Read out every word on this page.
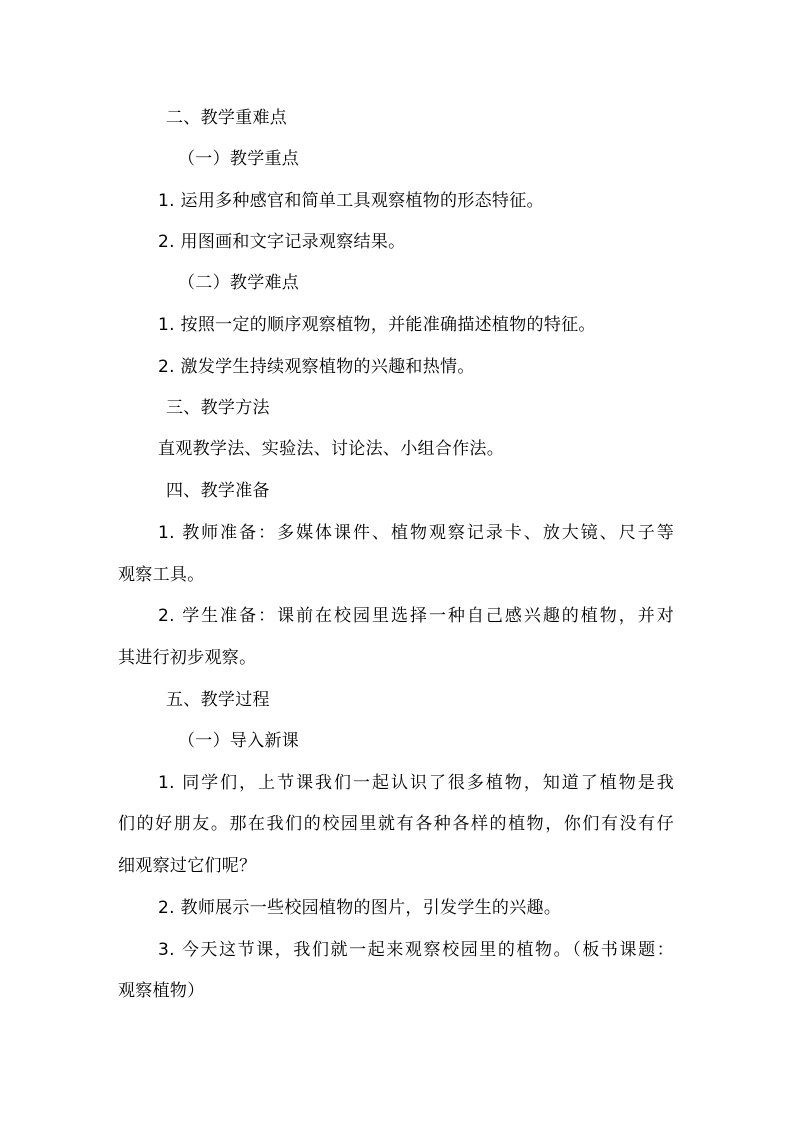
二、教学重难点
（一）教学重点
1. 运用多种感官和简单工具观察植物的形态特征。
2. 用图画和文字记录观察结果。
（二）教学难点
1. 按照一定的顺序观察植物，并能准确描述植物的特征。
2. 激发学生持续观察植物的兴趣和热情。
三、教学方法
直观教学法、实验法、讨论法、小组合作法。
四、教学准备
1. 教师准备：多媒体课件、植物观察记录卡、放大镜、尺子等
观察工具。
2. 学生准备：课前在校园里选择一种自己感兴趣的植物，并对
其进行初步观察。
五、教学过程
（一）导入新课
1. 同学们，上节课我们一起认识了很多植物，知道了植物是我
们的好朋友。那在我们的校园里就有各种各样的植物，你们有没有仔
细观察过它们呢？
2. 教师展示一些校园植物的图片，引发学生的兴趣。
3. 今天这节课，我们就一起来观察校园里的植物。（板书课题：
观察植物）
